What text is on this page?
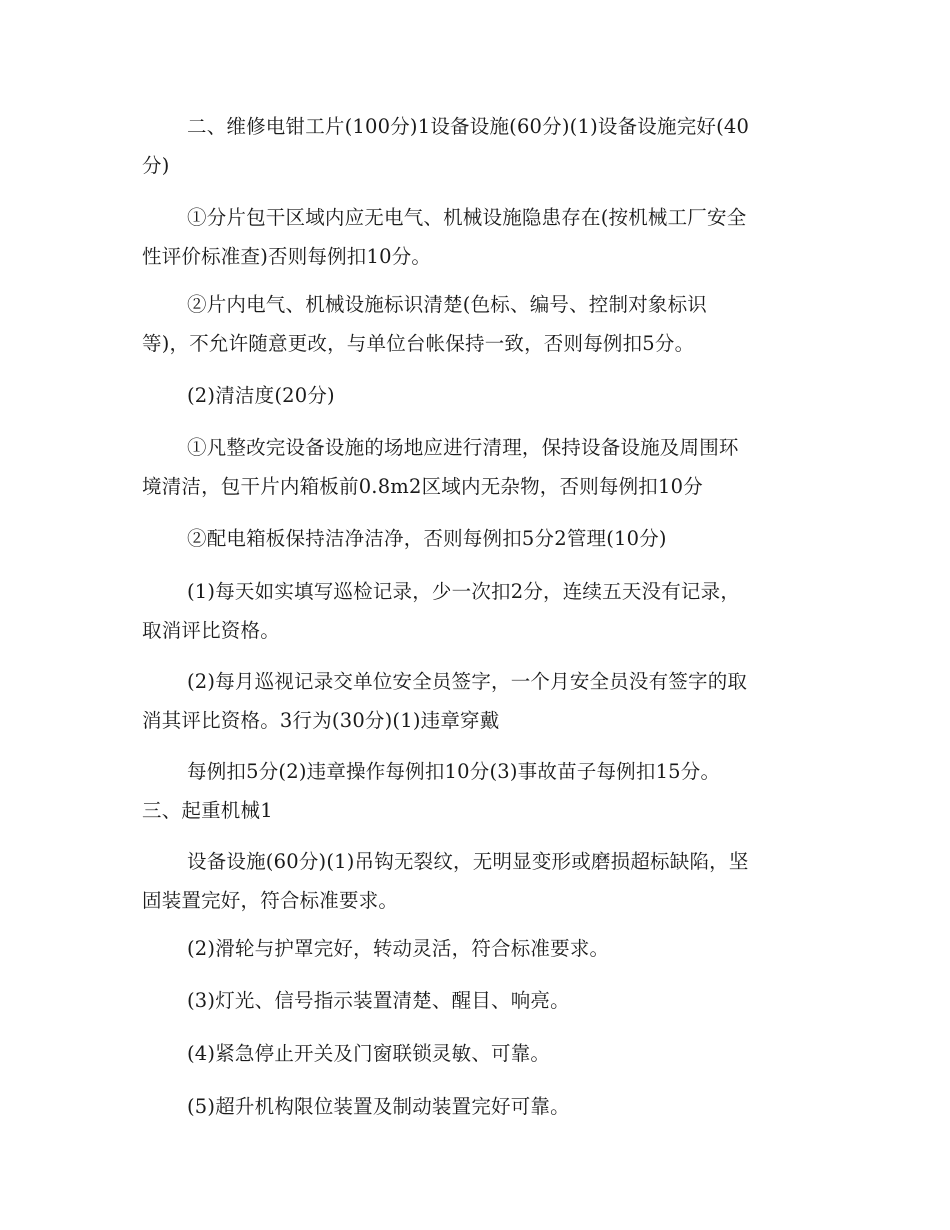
二、维修电钳工片(100分)1设备设施(60分)(1)设备设施完好(40
分)

①分片包干区域内应无电气、机械设施隐患存在(按机械工厂安全
性评价标准查)否则每例扣10分。

②片内电气、机械设施标识清楚(色标、编号、控制对象标识
等)，不允许随意更改，与单位台帐保持一致，否则每例扣5分。

(2)清洁度(20分)

①凡整改完设备设施的场地应进行清理，保持设备设施及周围环
境清洁，包干片内箱板前0.8m2区域内无杂物，否则每例扣10分

②配电箱板保持洁净洁净，否则每例扣5分2管理(10分)

(1)每天如实填写巡检记录，少一次扣2分，连续五天没有记录，
取消评比资格。

(2)每月巡视记录交单位安全员签字，一个月安全员没有签字的取
消其评比资格。3行为(30分)(1)违章穿戴

每例扣5分(2)违章操作每例扣10分(3)事故苗子每例扣15分。
三、起重机械1

设备设施(60分)(1)吊钩无裂纹，无明显变形或磨损超标缺陷，坚
固装置完好，符合标准要求。

(2)滑轮与护罩完好，转动灵活，符合标准要求。

(3)灯光、信号指示装置清楚、醒目、响亮。

(4)紧急停止开关及门窗联锁灵敏、可靠。

(5)超升机构限位装置及制动装置完好可靠。
